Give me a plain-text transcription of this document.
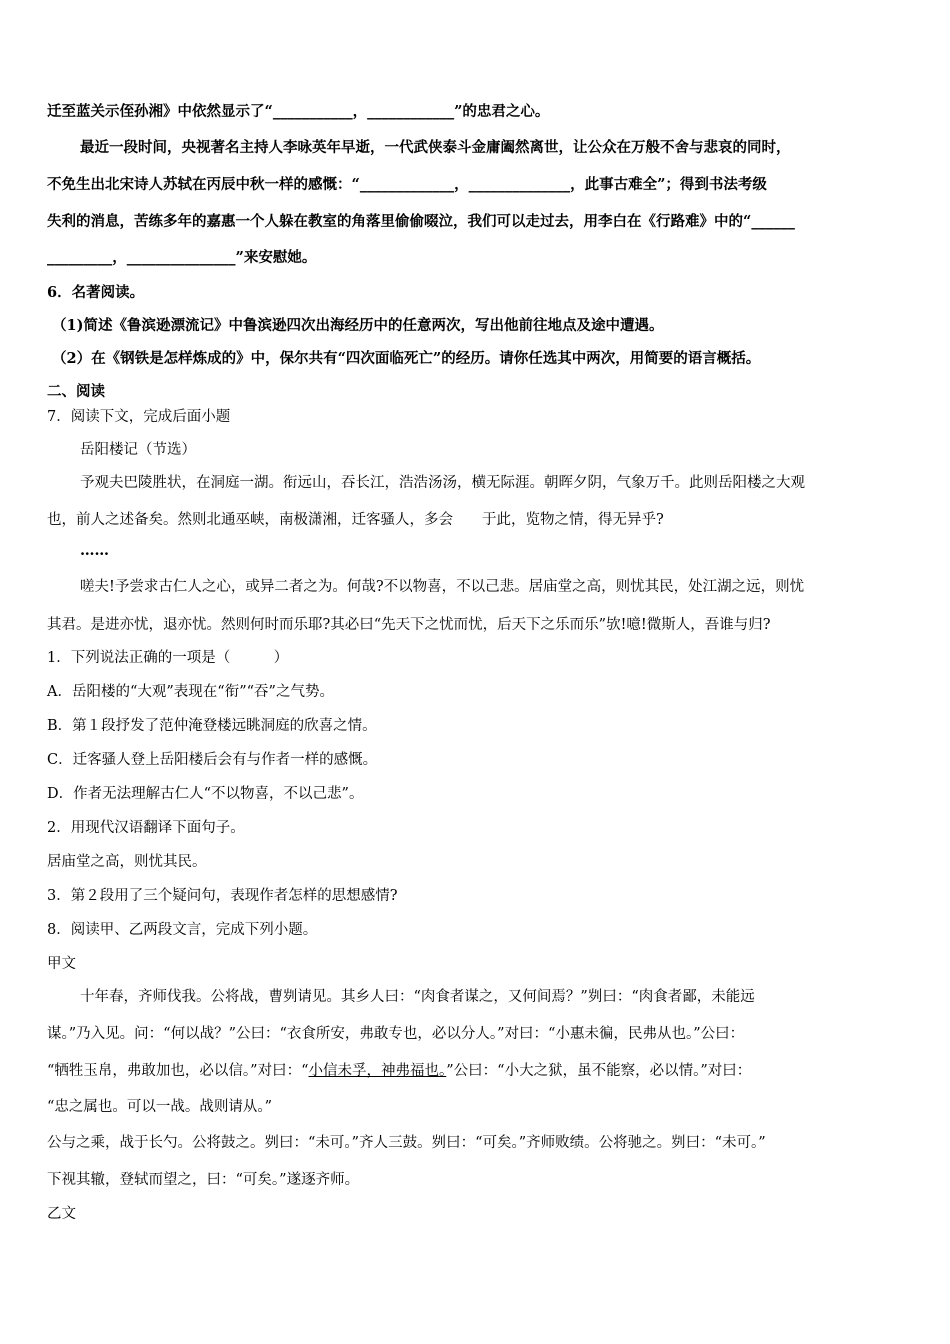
迁至蓝关示侄孙湘》中依然显示了“___________，____________”的忠君之心。
最近一段时间，央视著名主持人李咏英年早逝，一代武侠泰斗金庸阖然离世，让公众在万般不舍与悲哀的同时，
不免生出北宋诗人苏轼在丙辰中秋一样的感慨：“_____________，______________，此事古难全”；得到书法考级
失利的消息，苦练多年的嘉惠一个人躲在教室的角落里偷偷啜泣，我们可以走过去，用李白在《行路难》中的“______
_________，_______________”来安慰她。
6．名著阅读。
（1)简述《鲁滨逊漂流记》中鲁滨逊四次出海经历中的任意两次，写出他前往地点及途中遭遇。
（2）在《钢铁是怎样炼成的》中，保尔共有“四次面临死亡”的经历。请你任选其中两次，用简要的语言概括。
二、阅读
7．阅读下文，完成后面小题
岳阳楼记（节选）
予观夫巴陵胜状，在洞庭一湖。衔远山，吞长江，浩浩汤汤，横无际涯。朝晖夕阴，气象万千。此则岳阳楼之大观
也，前人之述备矣。然则北通巫峡，南极潇湘，迁客骚人，多会　　于此，览物之情，得无异乎?
……
嗟夫!予尝求古仁人之心，或异二者之为。何哉?不以物喜，不以己悲。居庙堂之高，则忧其民，处江湖之远，则忧
其君。是进亦忧，退亦忧。然则何时而乐耶?其必曰“先天下之忧而忧，后天下之乐而乐”欤!噫!微斯人，吾谁与归?
1．下列说法正确的一项是（　　　）
A．岳阳楼的“大观”表现在“衔”“吞”之气势。
B．第１段抒发了范仲淹登楼远眺洞庭的欣喜之情。
C．迁客骚人登上岳阳楼后会有与作者一样的感慨。
D．作者无法理解古仁人“不以物喜，不以己悲”。
2．用现代汉语翻译下面句子。
居庙堂之高，则忧其民。
3．第２段用了三个疑问句，表现作者怎样的思想感情?
8．阅读甲、乙两段文言，完成下列小题。
甲文
十年春，齐师伐我。公将战，曹刿请见。其乡人曰：“肉食者谋之，又何间焉？”刿曰：“肉食者鄙，未能远
谋。”乃入见。问：“何以战？”公曰：“衣食所安，弗敢专也，必以分人。”对曰：“小惠未徧，民弗从也。”公曰：
“牺牲玉帛，弗敢加也，必以信。”对曰：“小信未孚，神弗福也。”公曰：“小大之狱，虽不能察，必以情。”对曰：
“忠之属也。可以一战。战则请从。”
公与之乘，战于长勺。公将鼓之。刿曰：“未可。”齐人三鼓。刿曰：“可矣。”齐师败绩。公将驰之。刿曰：“未可。”
下视其辙，登轼而望之，曰：“可矣。”遂逐齐师。
乙文
